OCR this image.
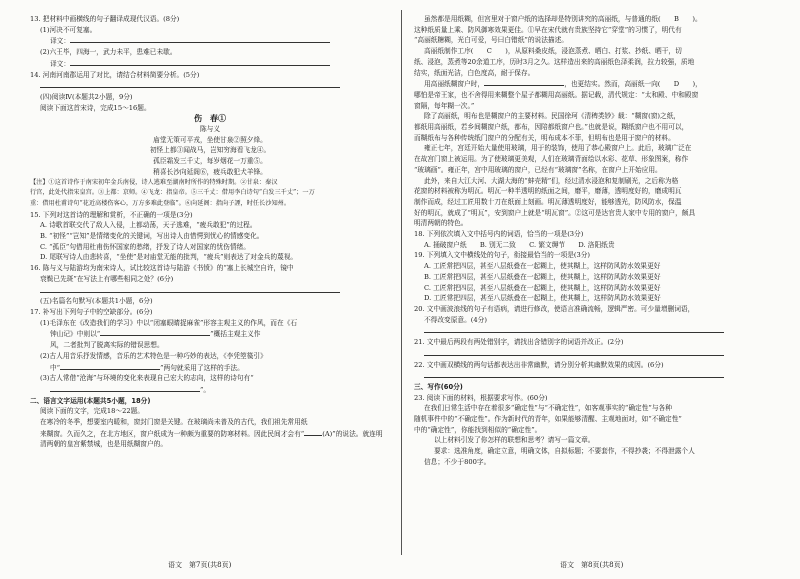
13. 把材料中画横线的句子翻译成现代汉语。(8分)
(1)河决不可复塞。
译文：
(2)六王毕，四海一，武力未平，患难已未歇。
译文：
14. 河南河南郡运用了对比，请结合材料简要分析。(5分)
(四)阅读Ⅳ(本题共2小题，9分)
阅读下面这首宋诗，完成15～16题。
伤　春①
陈与义
庙堂无策可平戎，坐使甘泉②照夕烽。
初怪上都③闻战马，岂知穷海看飞龙④。
孤臣霜发三千丈，每岁烟花一万重⑤。
稍喜长沙向延阁⑥，疲兵敢犯犬羊锋。
【注】①这首诗作于南宋初年金兵南侵，诗人逃难至湖南时所作的特殊时期。②甘泉：秦汉
行宫，此处代指宋皇宫。③上都：京师。④飞龙：指皇帝。⑤三千丈：借用李白诗句“白发三千丈”；一万
重：借用杜甫诗句“花近高楼伤客心，万方多难此登临”。⑥向延阁：指向子諲，时任长沙知州。
15. 下列对这首诗的理解和赏析，不正确的一项是(3分)
A. 诗歌首联交代了敌人入侵，上都动荡，天子逃难，“疲兵敢犯”的过程。
B. “初怪”“岂知”是情绪变化的关键词，写出诗人由惜愕到忧心的情感变化。
C. “孤臣”句借用杜甫伤怀国家的愁绪，抒发了诗人对国家的忧伤情绪。
D. 尾联写诗人由悲转喜，“坐使”是对庙堂无能的批判，“疲兵”则表达了对金兵的蔑视。
16. 陈与义与陆游均为南宋诗人，试比较这首诗与陆游《书愤》的“塞上长城空自许，镜中
衰鬓已先斑”在写法上有哪些相同之处？(6分)
(五)名篇名句默写(本题共1小题，6分)
17. 补写出下列句子中的空缺部分。(6分)
(1)毛泽东在《改造我们的学习》中以“闭塞眼睛捉麻雀”形容主观主义的作风，而在《石
钟山记》中则以“	”概括主观主义作
风，二者批判了脱离实际的错误思想。
(2)古人用音乐抒发情感，音乐的艺术特色是一种巧妙的表达，《李凭箜篌引》
中“	”两句就采用了这样的手法。
(3)古人常借“沧海”与环境的变化来表现自己宏大的志向，这样的诗句有“
”。
二、语言文字运用(本题共5小题，18分)
阅读下面的文字，完成18～22题。
在寒冷的冬季，想要室内暖和，窗封门窗是关键。在玻璃尚未普及的古代，我们祖先常用纸
来糊窗。久而久之，在北方地区，窗户纸成为一种颇为重要的防寒材料。因此民间才会有“	(A)”的说法。就连明
清两朝的皇宫紫禁城，也是用纸糊窗户的。
虽然都是用纸糊，但宫里对于窗户纸的选择却是特别讲究的高丽纸，与普通的纸(　　B　　)。
这种纸质量上乘、防风御寒效果更佳。①早在宋代就有贵族坚持它“穿堂”的习惯了，明代有
“高丽纸糖糊，光白可爱，号曰白错纸”的说法描述。
高丽纸制作工序(　　C　　)，从原料桑皮纸，浸泡蒸煮、晒白、打浆、抄纸、晒干，切
纸、浸泡，蒸煮等20余道工序，历时3月之久。这样造出来的高丽纸色泽柔润，拉力较强，质地
结实，纸面光洁，白色度高，耐于保存。
用高丽纸糊窗户时，	，也更结实。然而，高丽纸一向(　　D　　)，
哪怕是帝王家，也不舍得用来糊整个屋子都糊用高丽纸。据记载，清代规定：“太和殿、中和殿窗
窗隔，每年糊一次。”
除了高丽纸，明布也是糊窗户的主要材料。民国徐珂《清稗类钞》载：“糊窗(窗)之纸，
都纸用高丽纸，若乡间糊窗户纸，都布，因陪都纸窗户也。”也就是说，糊纸窗户也不用可以，
而糊纸布与各种传统纸门窗户的分配有关，明布成本不菲，但明布也是用于窗户的材料。
雍正七年，宫廷开始大量使用玻璃，用于的装饰，使用了恭心殿窗户上。此后，玻璃广泛在
在故宫门窗上被运用。为了使玻璃更美观，人们在玻璃背面绘以水彩、花草、形象图案，称作
“玻璃画”。雍正年，宫中用玻璃的窗户，已经有“玻璃窗”名称，在窗户上开始应用。
此外，来自大江大河、大湖大海的“蚌壳精”们，经过清水浸泡和复制刷光，之后称为格
花窗的材料被称为明瓦。明瓦一种半透明的纸面之间，磨平，磨薄，透明度好的，磨成明瓦
制作而成，经过工匠用数十刀在纸面上刻画。明瓦薄透明度好，能够透光，防风防水，保温
好的明瓦，就成了“明瓦”，安到窗户上就是“明瓦窗”。②这可是达官贵人家中专用的窗户，颇具
明清两朝的特色。
18. 下列依次填入文中括号内的词语，恰当的一项是(3分)
A. 捅破窗户纸　　B. 别无二致　　C. 繁文缛节　　D. 洛阳纸贵
19. 下列填入文中横线处的句子，衔接最恰当的一项是(3分)
A. 工匠常把四层，甚至八层纸叠在一起糊上，使其糊上，这样防风防水效果更好
B. 工匠常把四层，甚至八层纸叠在一起糊上，使其糊上，这样防风防水效果更好
C. 工匠常把四层，甚至八层纸叠在一起糊上，使其糊上，这样防风防水效果更好
D. 工匠常把四层，甚至八层纸叠在一起糊上，使其糊上，这样防风防水效果更好
20. 文中画波浪线的句子有语病，请进行修改，使语言准确流畅，逻辑严密。可少量增删词语，
不得改变原意。(4分)
21. 文中最后两段有两处错别字，请找出含错别字的词语并改正。(2分)
22. 文中画双横线的两句话都表达出非常幽默，请分别分析其幽默效果的成因。(6分)
三、写作(60分)
23. 阅读下面的材料，根据要求写作。(60分)
在我们日常生活中存在着很多“确定性”与“不确定性”，如客观事实的“确定性”与各种
随机事件中的“不确定性”。作为新时代的青年，如果能够清醒、主观地面对，如“不确定性”
中的“确定性”，你能找到相似的“确定性”。
以上材料引发了你怎样的联想和思考？请写一篇文章。
要求：选准角度，确定立意，明确文体，自拟标题；不要套作，不得抄袭；不得泄露个人
信息；不少于800字。
语文　第7页(共8页)	语文　第8页(共8页)
